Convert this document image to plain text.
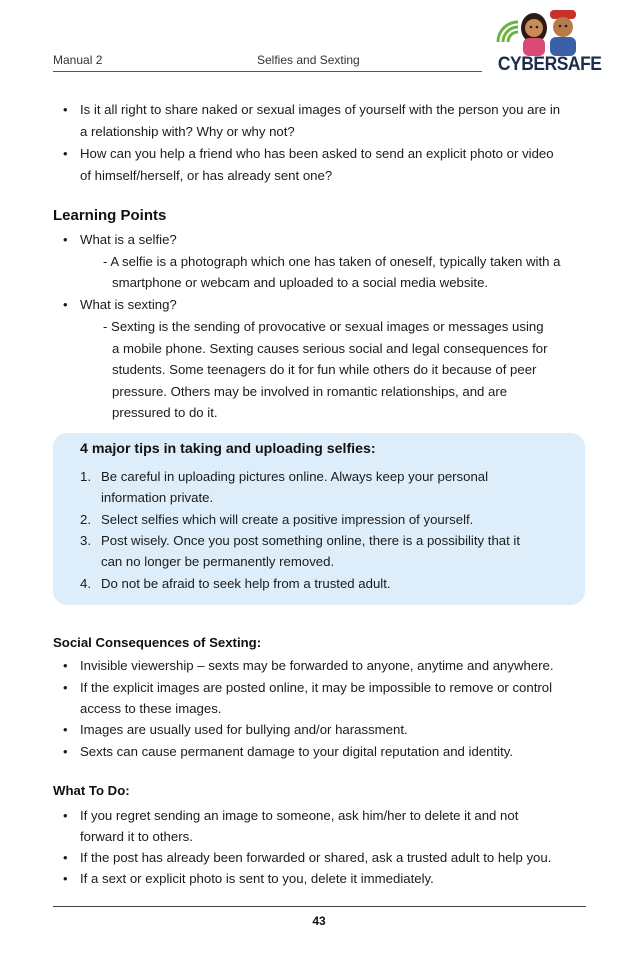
Manual 2	Selfies and Sexting	CYBERSAFE
• Is it all right to share naked or sexual images of yourself with the person you are in
a relationship with? Why or why not?
• How can you help a friend who has been asked to send an explicit photo or video
of himself/herself, or has already sent one?
Learning Points
• What is a selfie?
- A selfie is a photograph which one has taken of oneself, typically taken with a
smartphone or webcam and uploaded to a social media website.
• What is sexting?
- Sexting is the sending of provocative or sexual images or messages using
a mobile phone. Sexting causes serious social and legal consequences for
students. Some teenagers do it for fun while others do it because of peer
pressure. Others may be involved in romantic relationships, and are
pressured to do it.
4 major tips in taking and uploading selfies:
1. Be careful in uploading pictures online. Always keep your personal
information private.
2. Select selfies which will create a positive impression of yourself.
3. Post wisely. Once you post something online, there is a possibility that it
can no longer be permanently removed.
4. Do not be afraid to seek help from a trusted adult.
Social Consequences of Sexting:
• Invisible viewership – sexts may be forwarded to anyone, anytime and anywhere.
• If the explicit images are posted online, it may be impossible to remove or control
access to these images.
• Images are usually used for bullying and/or harassment.
• Sexts can cause permanent damage to your digital reputation and identity.
What To Do:
• If you regret sending an image to someone, ask him/her to delete it and not
forward it to others.
• If the post has already been forwarded or shared, ask a trusted adult to help you.
• If a sext or explicit photo is sent to you, delete it immediately.
43
